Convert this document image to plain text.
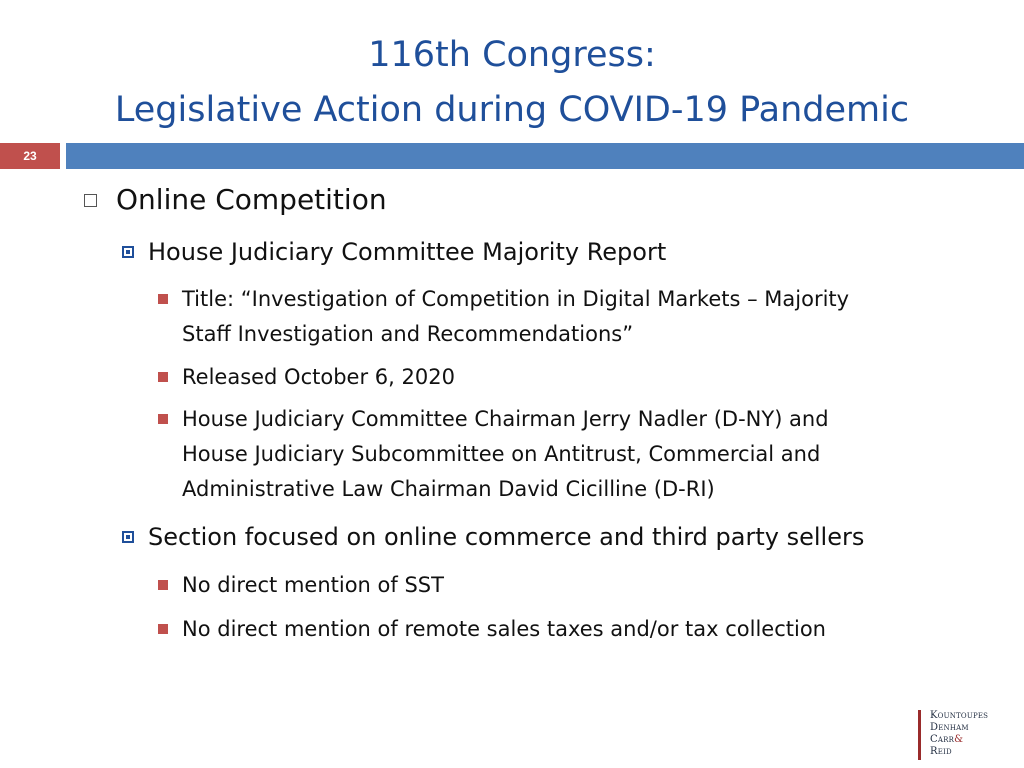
116th Congress:
Legislative Action during COVID-19 Pandemic
23
Online Competition
House Judiciary Committee Majority Report
Title: “Investigation of Competition in Digital Markets – Majority
Staff Investigation and Recommendations”
Released October 6, 2020
House Judiciary Committee Chairman Jerry Nadler (D-NY) and
House Judiciary Subcommittee on Antitrust, Commercial and
Administrative Law Chairman David Cicilline (D-RI)
Section focused on online commerce and third party sellers
No direct mention of SST
No direct mention of remote sales taxes and/or tax collection
Kountoupes
Denham
Carr&
Reid
